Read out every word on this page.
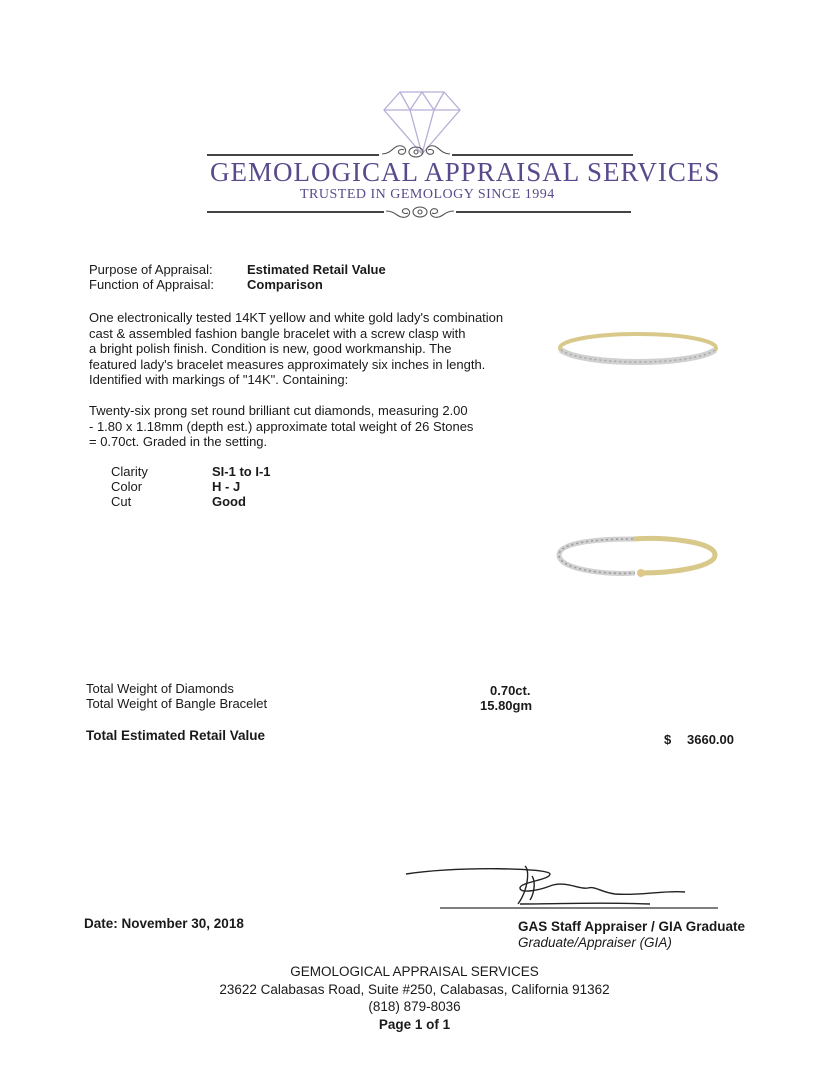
GEMOLOGICAL APPRAISAL SERVICES
TRUSTED IN GEMOLOGY SINCE 1994
Purpose of Appraisal:	Estimated Retail Value
Function of Appraisal:	Comparison
One electronically tested 14KT yellow and white gold lady's combination
cast & assembled fashion bangle bracelet with a screw clasp with
a bright polish finish. Condition is new, good workmanship. The
featured lady's bracelet measures approximately six inches in length.
Identified with markings of "14K". Containing:
Twenty-six prong set round brilliant cut diamonds, measuring 2.00
- 1.80 x 1.18mm (depth est.) approximate total weight of 26 Stones
= 0.70ct. Graded in the setting.
Clarity	SI-1 to I-1
Color	H - J
Cut	Good
Total Weight of Diamonds	0.70ct.
Total Weight of Bangle Bracelet	15.80gm
Total Estimated Retail Value	$ 3660.00
Date: November 30, 2018	GAS Staff Appraiser / GIA Graduate
Graduate/Appraiser (GIA)
GEMOLOGICAL APPRAISAL SERVICES
23622 Calabasas Road, Suite #250, Calabasas, California 91362
(818) 879-8036
Page 1 of 1
